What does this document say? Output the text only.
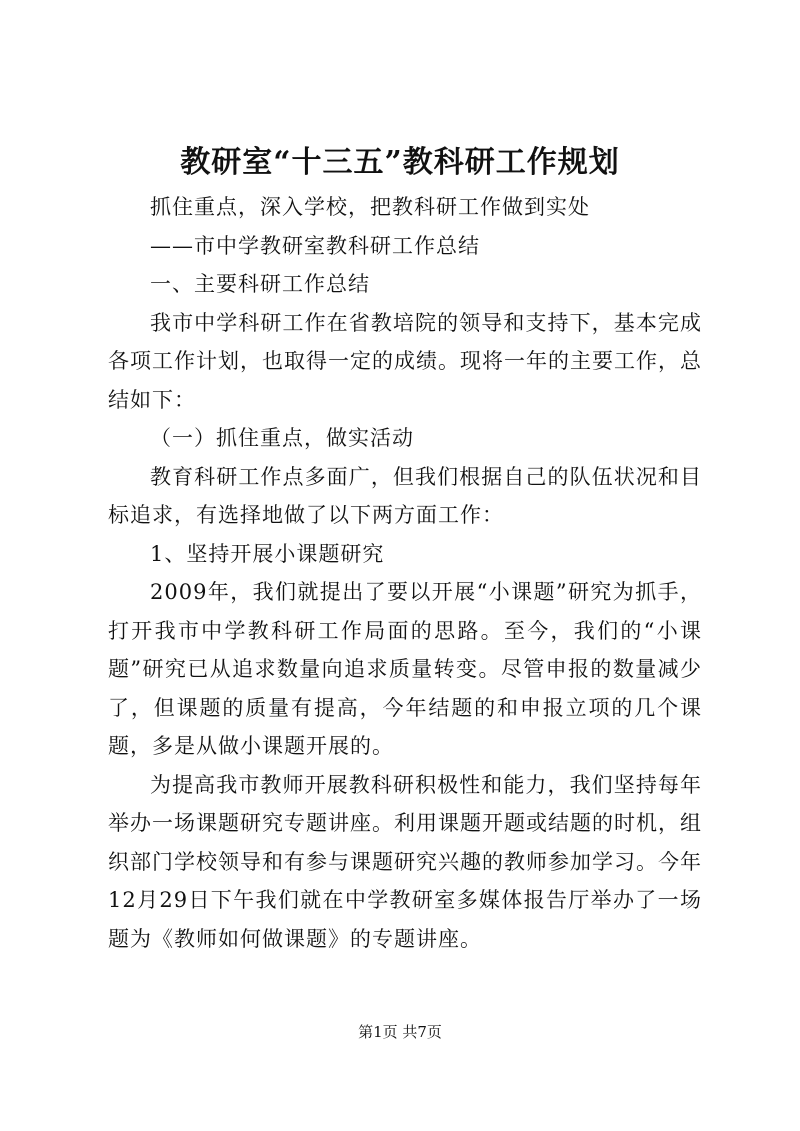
教研室“十三五”教科研工作规划

抓住重点，深入学校，把教科研工作做到实处

——市中学教研室教科研工作总结

一、主要科研工作总结

我市中学科研工作在省教培院的领导和支持下，基本完成各项工作计划，也取得一定的成绩。现将一年的主要工作，总结如下：

（一）抓住重点，做实活动

教育科研工作点多面广，但我们根据自己的队伍状况和目标追求，有选择地做了以下两方面工作：

1、坚持开展小课题研究

2009年，我们就提出了要以开展“小课题”研究为抓手，打开我市中学教科研工作局面的思路。至今，我们的“小课题”研究已从追求数量向追求质量转变。尽管申报的数量减少了，但课题的质量有提高，今年结题的和申报立项的几个课题，多是从做小课题开展的。

为提高我市教师开展教科研积极性和能力，我们坚持每年举办一场课题研究专题讲座。利用课题开题或结题的时机，组织部门学校领导和有参与课题研究兴趣的教师参加学习。今年12月29日下午我们就在中学教研室多媒体报告厅举办了一场题为《教师如何做课题》的专题讲座。

第1页 共7页
